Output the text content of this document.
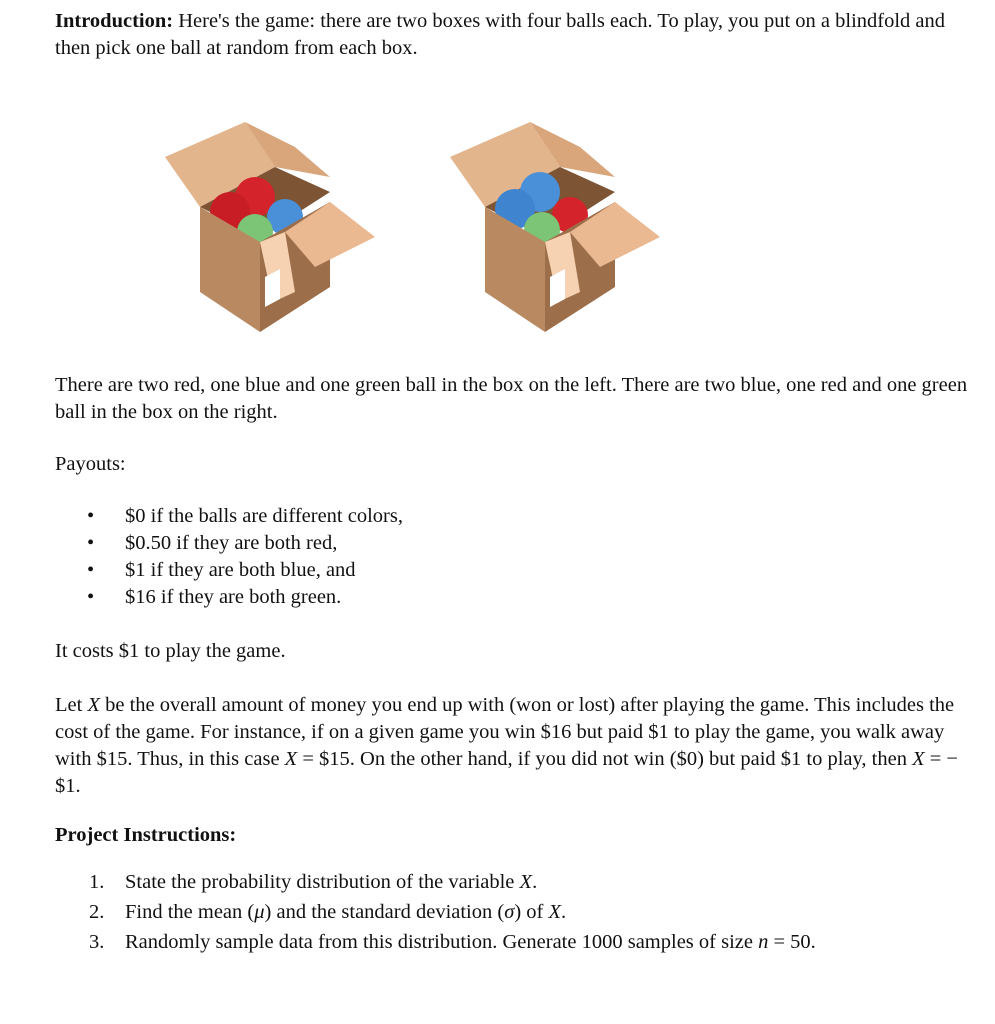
Introduction: Here's the game: there are two boxes with four balls each. To play, you put on a blindfold and then pick one ball at random from each box.

There are two red, one blue and one green ball in the box on the left. There are two blue, one red and one green ball in the box on the right.

Payouts:

• $0 if the balls are different colors,
• $0.50 if they are both red,
• $1 if they are both blue, and
• $16 if they are both green.

It costs $1 to play the game.

Let X be the overall amount of money you end up with (won or lost) after playing the game. This includes the cost of the game. For instance, if on a given game you win $16 but paid $1 to play the game, you walk away with $15. Thus, in this case X = $15. On the other hand, if you did not win ($0) but paid $1 to play, then X = −$1.

Project Instructions:

1. State the probability distribution of the variable X.
2. Find the mean (μ) and the standard deviation (σ) of X.
3. Randomly sample data from this distribution. Generate 1000 samples of size n = 50.
